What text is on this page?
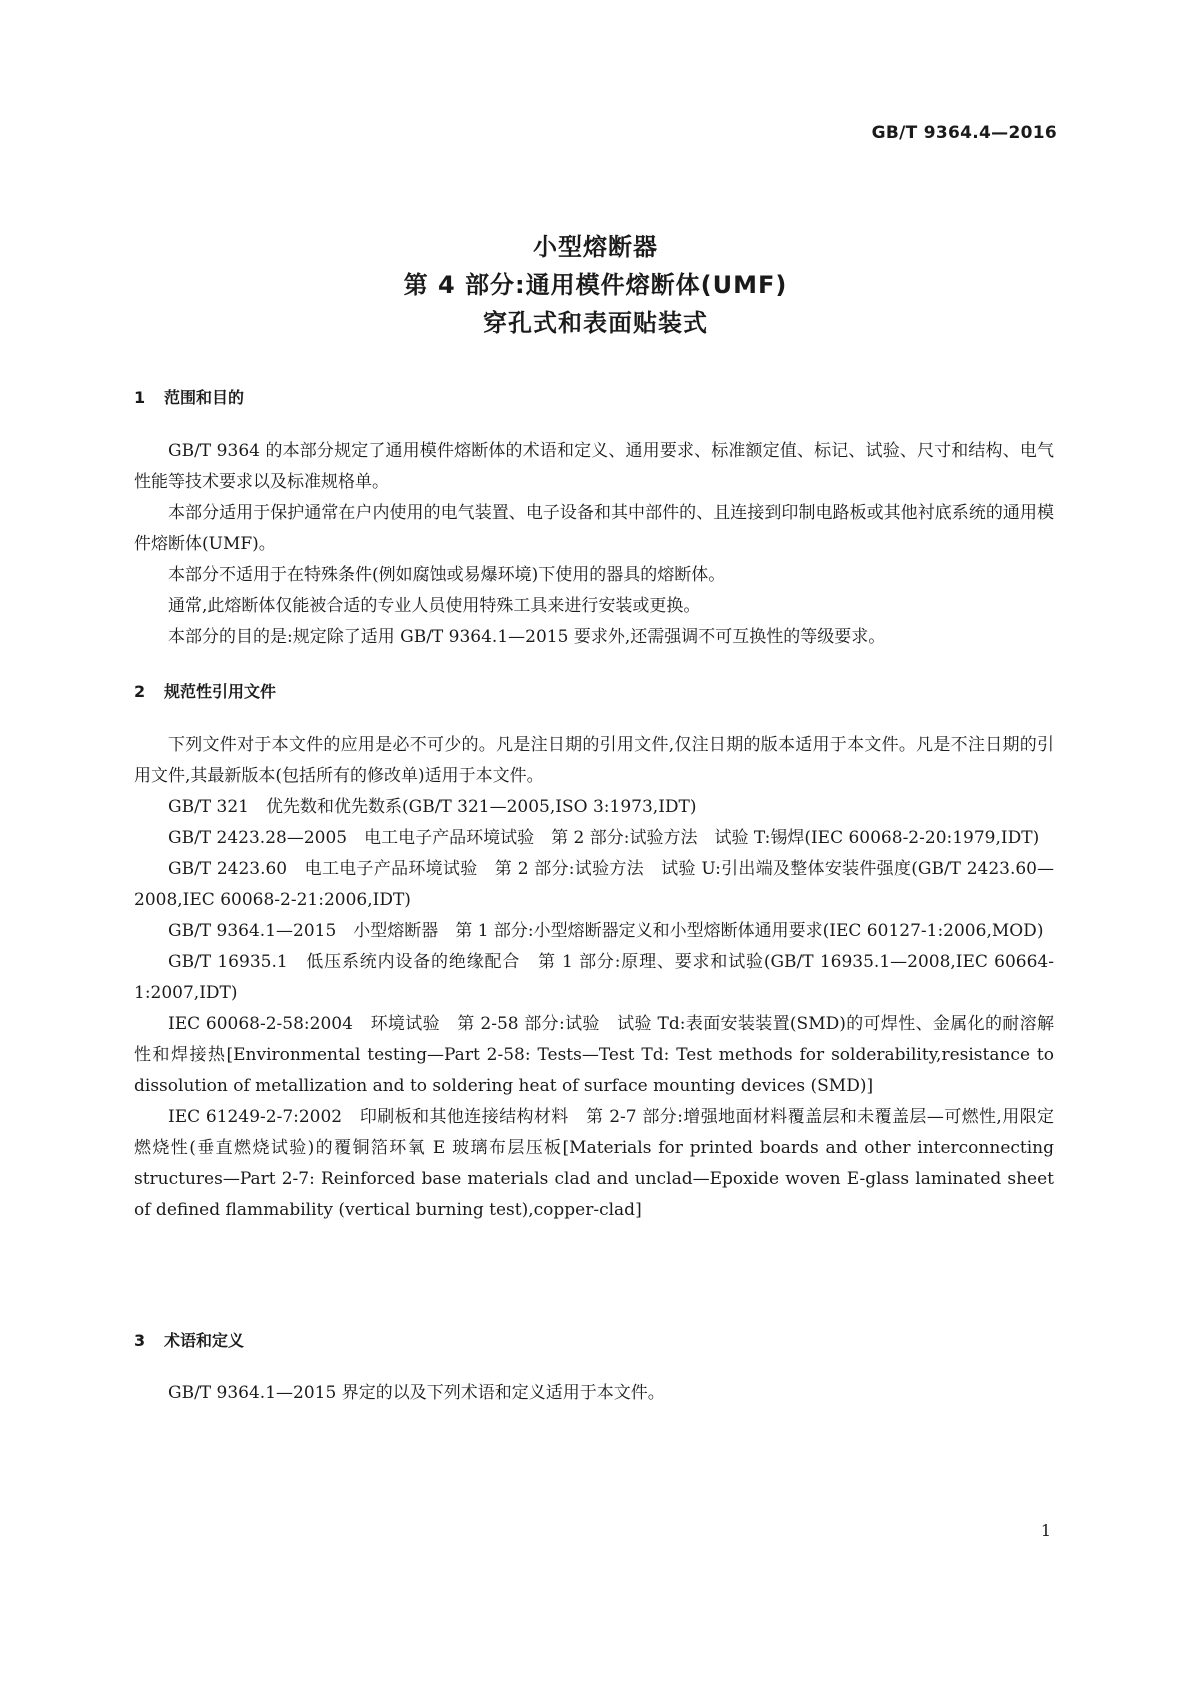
GB/T 9364.4—2016
小型熔断器
第 4 部分:通用模件熔断体(UMF)
穿孔式和表面贴装式
1 范围和目的

GB/T 9364 的本部分规定了通用模件熔断体的术语和定义、通用要求、标准额定值、标记、试验、尺寸和结构、电气性能等技术要求以及标准规格单。

本部分适用于保护通常在户内使用的电气装置、电子设备和其中部件的、且连接到印制电路板或其他衬底系统的通用模件熔断体(UMF)。

本部分不适用于在特殊条件(例如腐蚀或易爆环境)下使用的器具的熔断体。

通常,此熔断体仅能被合适的专业人员使用特殊工具来进行安装或更换。

本部分的目的是:规定除了适用 GB/T 9364.1—2015 要求外,还需强调不可互换性的等级要求。

2 规范性引用文件

下列文件对于本文件的应用是必不可少的。凡是注日期的引用文件,仅注日期的版本适用于本文件。凡是不注日期的引用文件,其最新版本(包括所有的修改单)适用于本文件。

GB/T 321　优先数和优先数系(GB/T 321—2005,ISO 3:1973,IDT)

GB/T 2423.28—2005　电工电子产品环境试验　第 2 部分:试验方法　试验 T:锡焊(IEC 60068-2-20:1979,IDT)

GB/T 2423.60　电工电子产品环境试验　第 2 部分:试验方法　试验 U:引出端及整体安装件强度(GB/T 2423.60—2008,IEC 60068-2-21:2006,IDT)

GB/T 9364.1—2015　小型熔断器　第 1 部分:小型熔断器定义和小型熔断体通用要求(IEC 60127-1:2006,MOD)

GB/T 16935.1　低压系统内设备的绝缘配合　第 1 部分:原理、要求和试验(GB/T 16935.1—2008,IEC 60664-1:2007,IDT)

IEC 60068-2-58:2004　环境试验　第 2-58 部分:试验　试验 Td:表面安装装置(SMD)的可焊性、金属化的耐溶解性和焊接热[Environmental testing—Part 2-58: Tests—Test Td: Test methods for solderability,resistance to dissolution of metallization and to soldering heat of surface mounting devices (SMD)]

IEC 61249-2-7:2002　印刷板和其他连接结构材料　第 2-7 部分:增强地面材料覆盖层和未覆盖层—可燃性,用限定燃烧性(垂直燃烧试验)的覆铜箔环氧 E 玻璃布层压板[Materials for printed boards and other interconnecting structures—Part 2-7: Reinforced base materials clad and unclad—Epoxide woven E-glass laminated sheet of defined flammability (vertical burning test),copper-clad]

3 术语和定义

GB/T 9364.1—2015 界定的以及下列术语和定义适用于本文件。

1
